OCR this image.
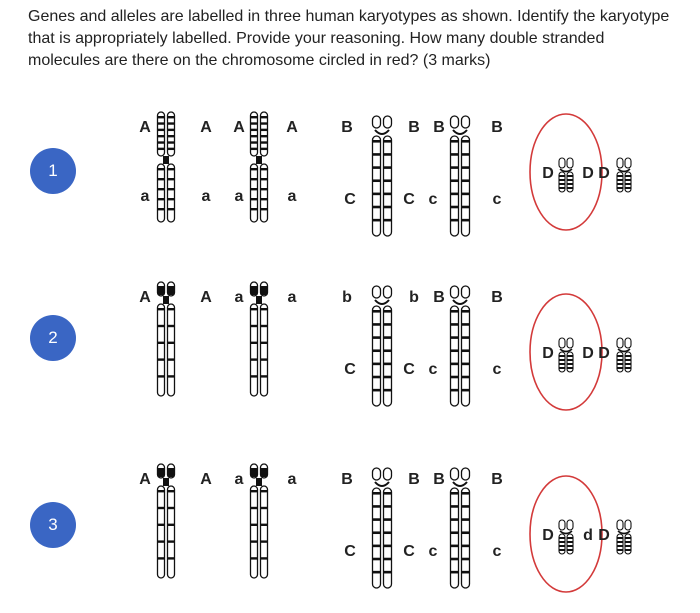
Genes and alleles are labelled in three human karyotypes as shown. Identify the karyotype that is appropriately labelled. Provide your reasoning. How many double stranded molecules are there on the chromosome circled in red? (3 marks)

1
A	A A	A
a	a a	a
B	B B	B
C	C c	c
D D D
2
A	A a	a	b	b B	B
C	C c	c
D D D
3
A	A a	a	B	B B	B
C	C c	c
D d D
